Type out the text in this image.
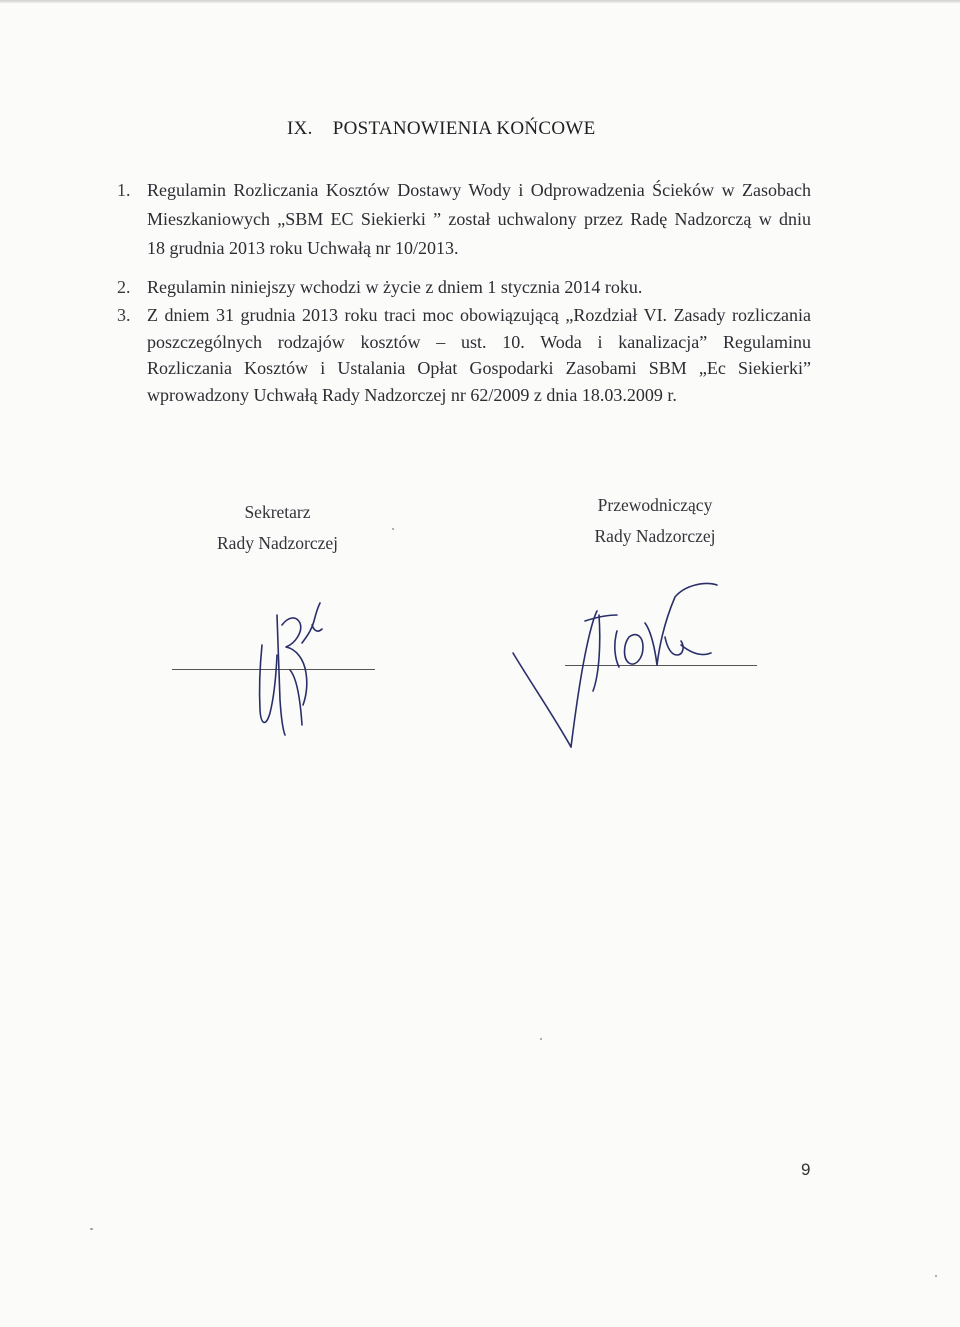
IX. POSTANOWIENIA KOŃCOWE
1. Regulamin Rozliczania Kosztów Dostawy Wody i Odprowadzenia Ścieków w Zasobach
Mieszkaniowych „SBM EC Siekierki ” został uchwalony przez Radę Nadzorczą w dniu
18 grudnia 2013 roku Uchwałą nr 10/2013.
2. Regulamin niniejszy wchodzi w życie z dniem 1 stycznia 2014 roku.
3. Z dniem 31 grudnia 2013 roku traci moc obowiązującą „Rozdział VI. Zasady rozliczania
poszczególnych rodzajów kosztów – ust. 10. Woda i kanalizacja” Regulaminu
Rozliczania Kosztów i Ustalania Opłat Gospodarki Zasobami SBM „Ec Siekierki”
wprowadzony Uchwałą Rady Nadzorczej nr 62/2009 z dnia 18.03.2009 r.
Sekretarz
Rady Nadzorczej
Przewodniczący
Rady Nadzorczej
9
